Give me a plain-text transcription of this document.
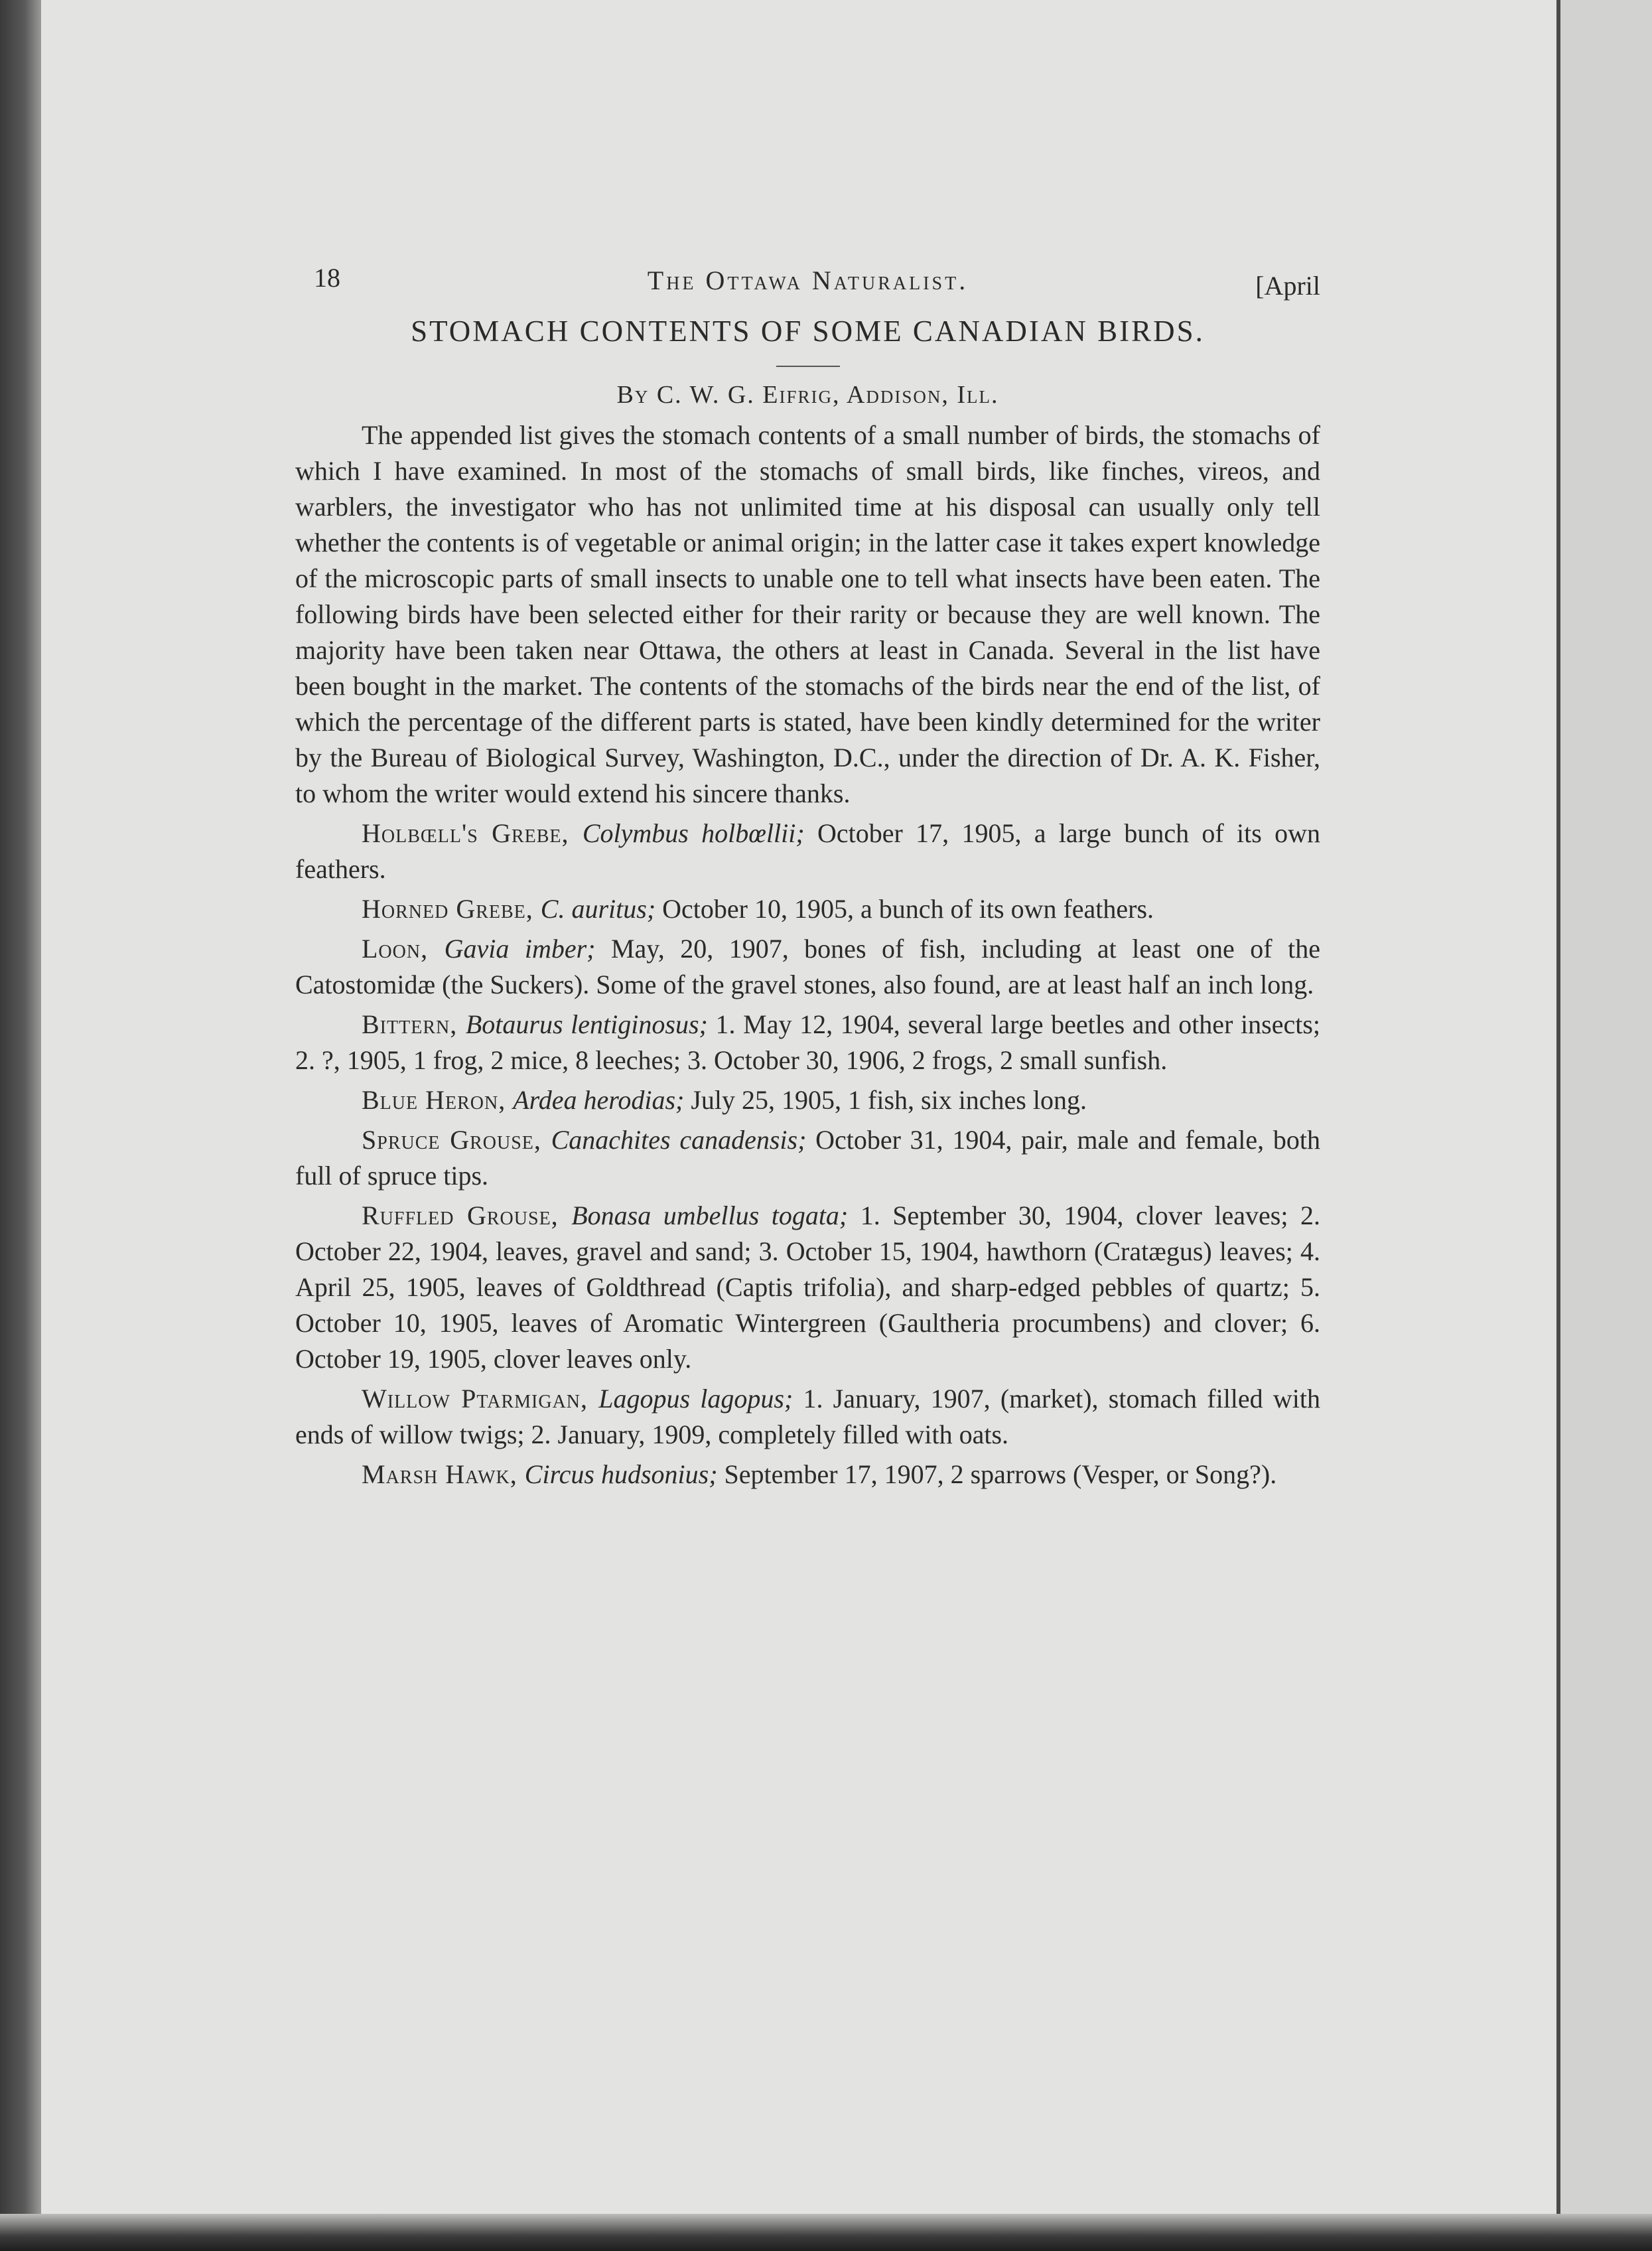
18	The Ottawa Naturalist.	[April
STOMACH CONTENTS OF SOME CANADIAN BIRDS.
By C. W. G. Eifrig, Addison, Ill.

The appended list gives the stomach contents of a small number of birds, the stomachs of which I have examined. In most of the stomachs of small birds, like finches, vireos, and warblers, the investigator who has not unlimited time at his disposal can usually only tell whether the contents is of vegetable or animal origin; in the latter case it takes expert knowledge of the microscopic parts of small insects to unable one to tell what insects have been eaten. The following birds have been selected either for their rarity or because they are well known. The majority have been taken near Ottawa, the others at least in Canada. Several in the list have been bought in the market. The contents of the stomachs of the birds near the end of the list, of which the percentage of the different parts is stated, have been kindly determined for the writer by the Bureau of Biological Survey, Washington, D.C., under the direction of Dr. A. K. Fisher, to whom the writer would extend his sincere thanks.

Holbœll's Grebe, Colymbus holbœllii; October 17, 1905, a large bunch of its own feathers.

Horned Grebe, C. auritus; October 10, 1905, a bunch of its own feathers.

Loon, Gavia imber; May, 20, 1907, bones of fish, including at least one of the Catostomidæ (the Suckers). Some of the gravel stones, also found, are at least half an inch long.

Bittern, Botaurus lentiginosus; 1. May 12, 1904, several large beetles and other insects; 2. ?, 1905, 1 frog, 2 mice, 8 leeches; 3. October 30, 1906, 2 frogs, 2 small sunfish.

Blue Heron, Ardea herodias; July 25, 1905, 1 fish, six inches long.

Spruce Grouse, Canachites canadensis; October 31, 1904, pair, male and female, both full of spruce tips.

Ruffled Grouse, Bonasa umbellus togata; 1. September 30, 1904, clover leaves; 2. October 22, 1904, leaves, gravel and sand; 3. October 15, 1904, hawthorn (Cratægus) leaves; 4. April 25, 1905, leaves of Goldthread (Captis trifolia), and sharp-edged pebbles of quartz; 5. October 10, 1905, leaves of Aromatic Wintergreen (Gaultheria procumbens) and clover; 6. October 19, 1905, clover leaves only.

Willow Ptarmigan, Lagopus lagopus; 1. January, 1907, (market), stomach filled with ends of willow twigs; 2. January, 1909, completely filled with oats.

Marsh Hawk, Circus hudsonius; September 17, 1907, 2 sparrows (Vesper, or Song?).
